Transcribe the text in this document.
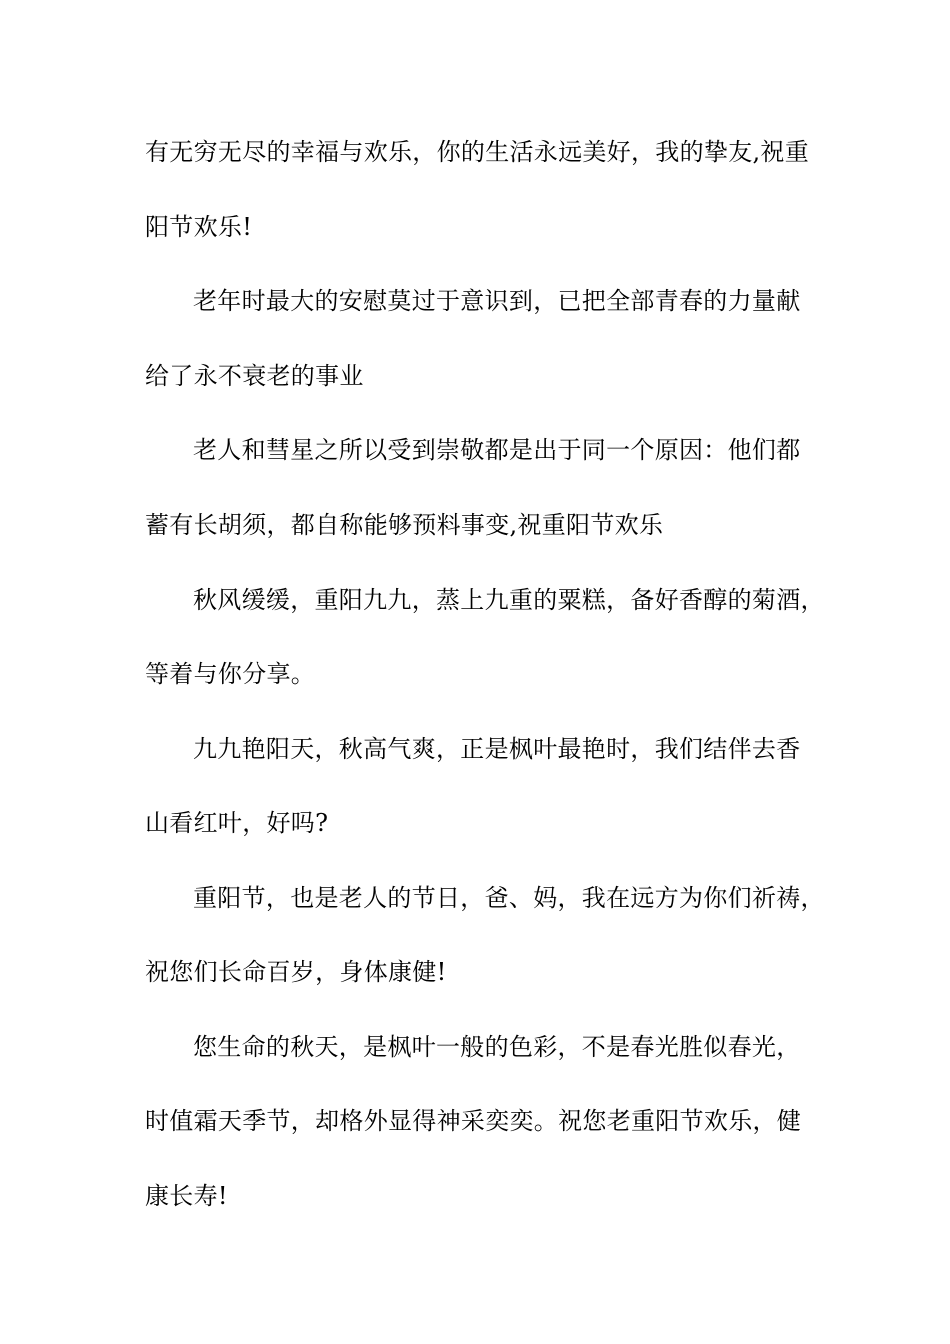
有无穷无尽的幸福与欢乐，你的生活永远美好，我的挚友,祝重
阳节欢乐!
老年时最大的安慰莫过于意识到，已把全部青春的力量献
给了永不衰老的事业
老人和彗星之所以受到崇敬都是出于同一个原因：他们都
蓄有长胡须，都自称能够预料事变,祝重阳节欢乐
秋风缓缓，重阳九九，蒸上九重的粟糕，备好香醇的菊酒，
等着与你分享。
九九艳阳天，秋高气爽，正是枫叶最艳时，我们结伴去香
山看红叶，好吗?
重阳节，也是老人的节日，爸、妈，我在远方为你们祈祷，
祝您们长命百岁，身体康健!
您生命的秋天，是枫叶一般的色彩，不是春光胜似春光，
时值霜天季节，却格外显得神采奕奕。祝您老重阳节欢乐，健
康长寿!
